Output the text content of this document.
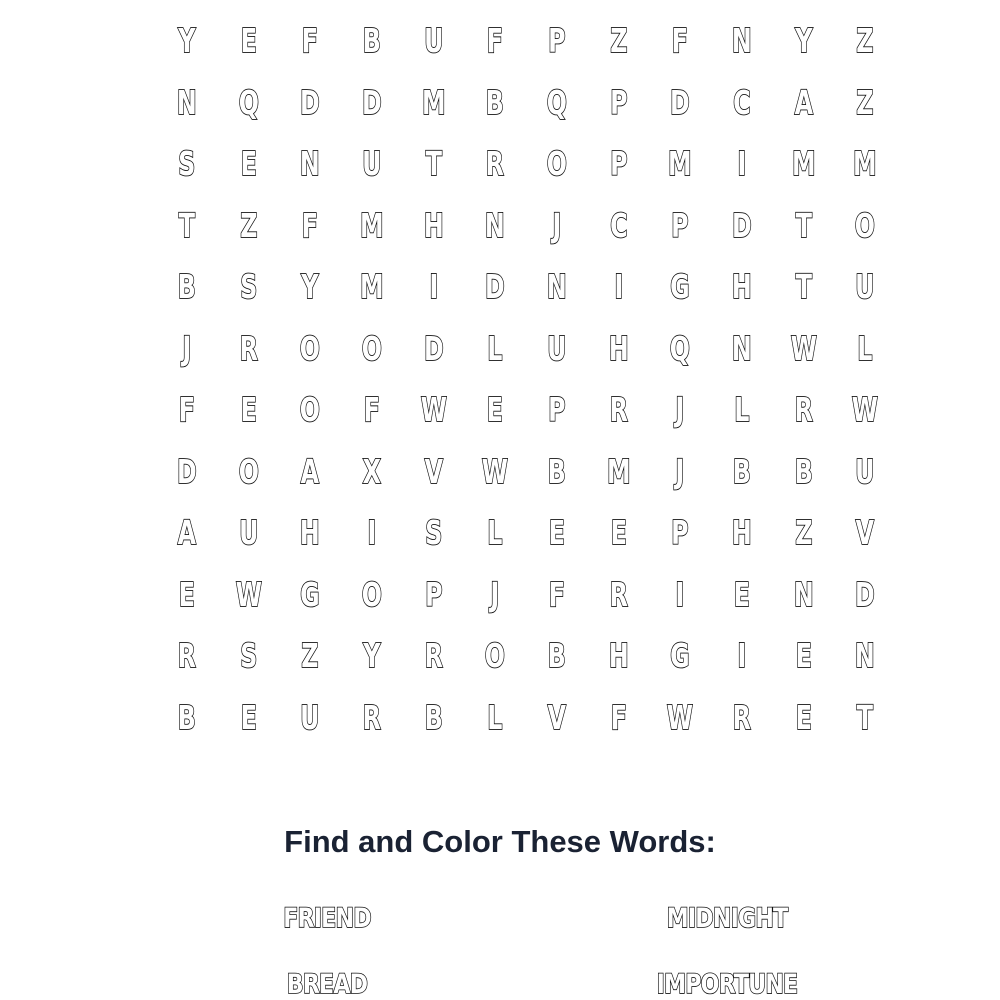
Y	E	F	B	U	F	P	Z	F	N	Y	Z
N	Q	D	D	M	B	Q	P	D	C	A	Z
S	E	N	U	T	R	O	P	M	I	M	M
T	Z	F	M	H	N	J	C	P	D	T	O
B	S	Y	M	I	D	N	I	G	H	T	U
J	R	O	O	D	L	U	H	Q	N	W	L
F	E	O	F	W	E	P	R	J	L	R	W
D	O	A	X	V	W	B	M	J	B	B	U
A	U	H	I	S	L	E	E	P	H	Z	V
E	W	G	O	P	J	F	R	I	E	N	D
R	S	Z	Y	R	O	B	H	G	I	E	N
B	E	U	R	B	L	V	F	W	R	E	T
Find and Color These Words:
FRIEND	MIDNIGHT
BREAD	IMPORTUNE
